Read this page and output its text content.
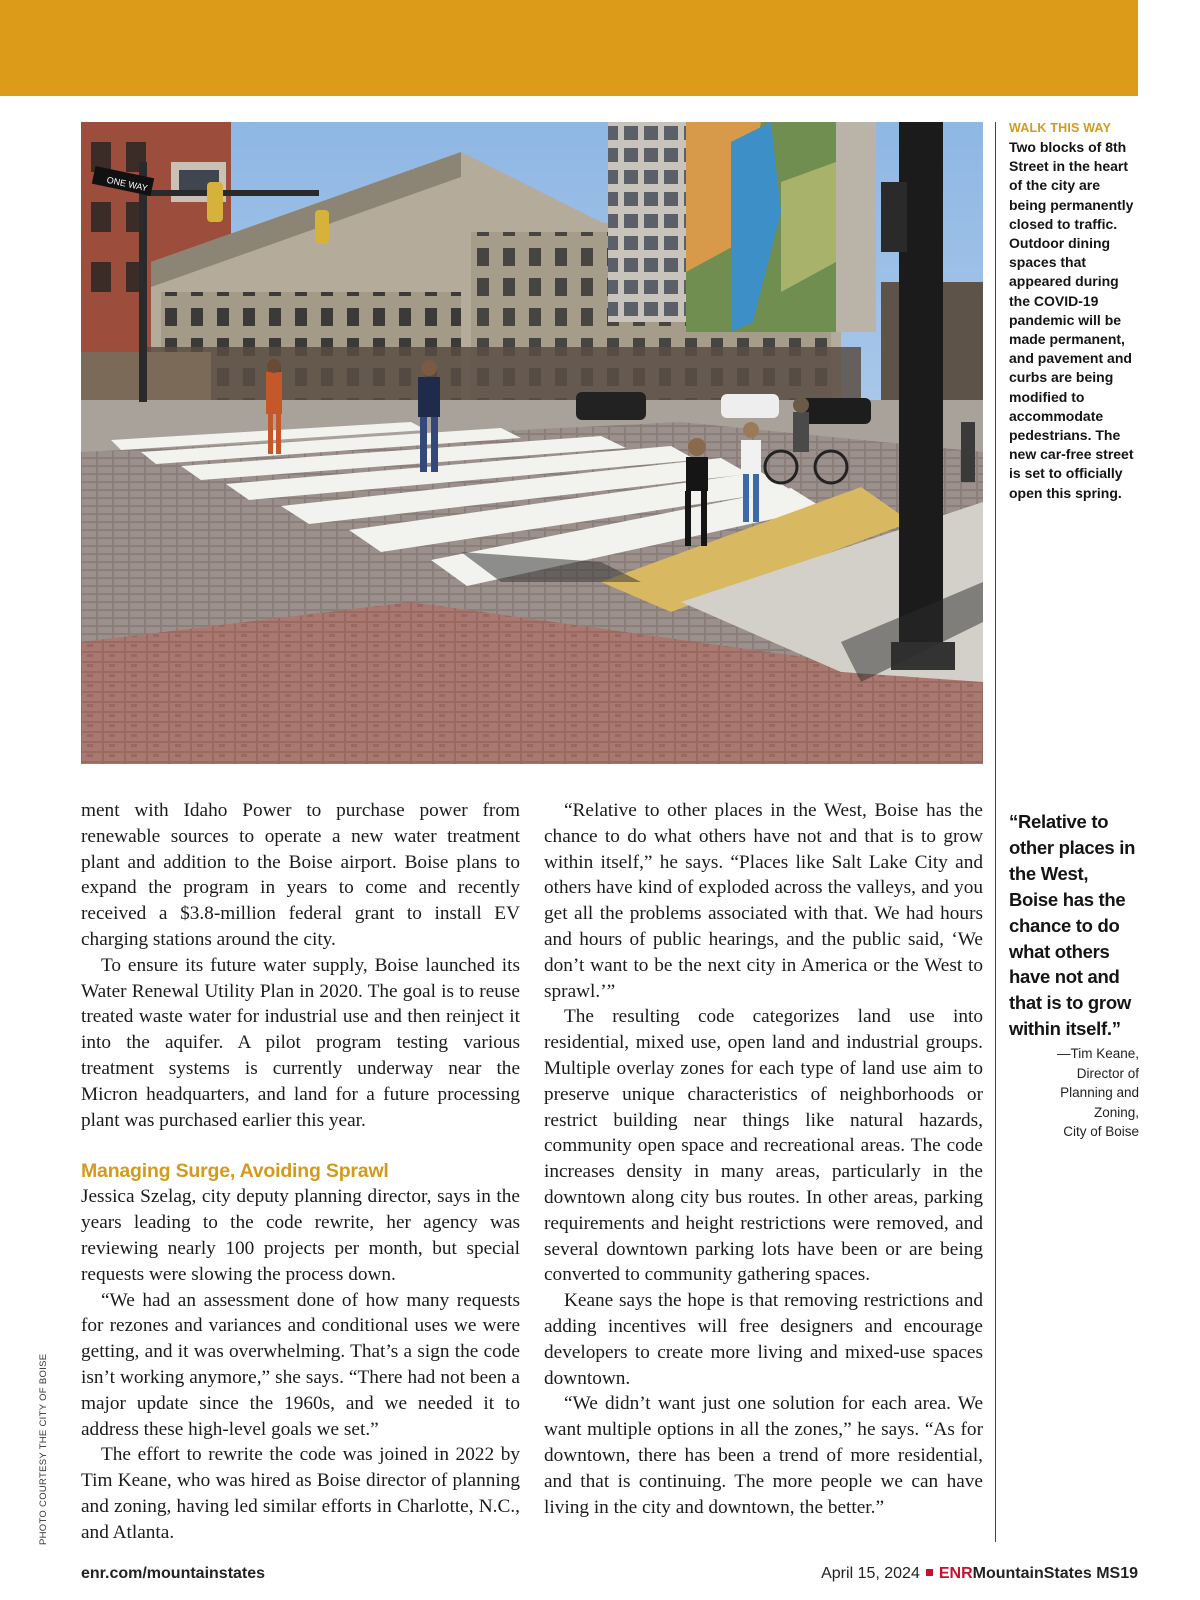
ONE WAY
WALK THIS WAY
Two blocks of 8th Street in the heart of the city are being permanently closed to traffic. Outdoor dining spaces that appeared during the COVID-19 pandemic will be made permanent, and pavement and curbs are being modified to accommodate pedestrians. The new car-free street is set to officially open this spring.

ment with Idaho Power to purchase power from renewable sources to operate a new water treatment plant and addition to the Boise airport. Boise plans to expand the program in years to come and recently received a $3.8-million federal grant to install EV charging stations around the city.

To ensure its future water supply, Boise launched its Water Renewal Utility Plan in 2020. The goal is to reuse treated waste water for industrial use and then reinject it into the aquifer. A pilot program testing various treatment systems is currently underway near the Micron headquarters, and land for a future processing plant was purchased earlier this year.

Managing Surge, Avoiding Sprawl

Jessica Szelag, city deputy planning director, says in the years leading to the code rewrite, her agency was reviewing nearly 100 projects per month, but special requests were slowing the process down.

“We had an assessment done of how many requests for rezones and variances and conditional uses we were getting, and it was overwhelming. That’s a sign the code isn’t working anymore,” she says. “There had not been a major update since the 1960s, and we needed it to address these high-level goals we set.”

The effort to rewrite the code was joined in 2022 by Tim Keane, who was hired as Boise director of planning and zoning, having led similar efforts in Charlotte, N.C., and Atlanta.

“Relative to other places in the West, Boise has the chance to do what others have not and that is to grow within itself,” he says. “Places like Salt Lake City and others have kind of exploded across the valleys, and you get all the problems associated with that. We had hours and hours of public hearings, and the public said, ‘We don’t want to be the next city in America or the West to sprawl.’”

The resulting code categorizes land use into residential, mixed use, open land and industrial groups. Multiple overlay zones for each type of land use aim to preserve unique characteristics of neighborhoods or restrict building near things like natural hazards, community open space and recreational areas. The code increases density in many areas, particularly in the downtown along city bus routes. In other areas, parking requirements and height restrictions were removed, and several downtown parking lots have been or are being converted to community gathering spaces.

Keane says the hope is that removing restrictions and adding incentives will free designers and encourage developers to create more living and mixed-use spaces downtown.

“We didn’t want just one solution for each area. We want multiple options in all the zones,” he says. “As for downtown, there has been a trend of more residential, and that is continuing. The more people we can have living in the city and downtown, the better.”

“Relative to other places in the West, Boise has the chance to do what others have not and that is to grow within itself.”
—Tim Keane,
Director of
Planning and
Zoning,
City of Boise
PHOTO COURTESY THE CITY OF BOISE
enr.com/mountainstates	April 15, 2024 ENRMountainStates MS19
